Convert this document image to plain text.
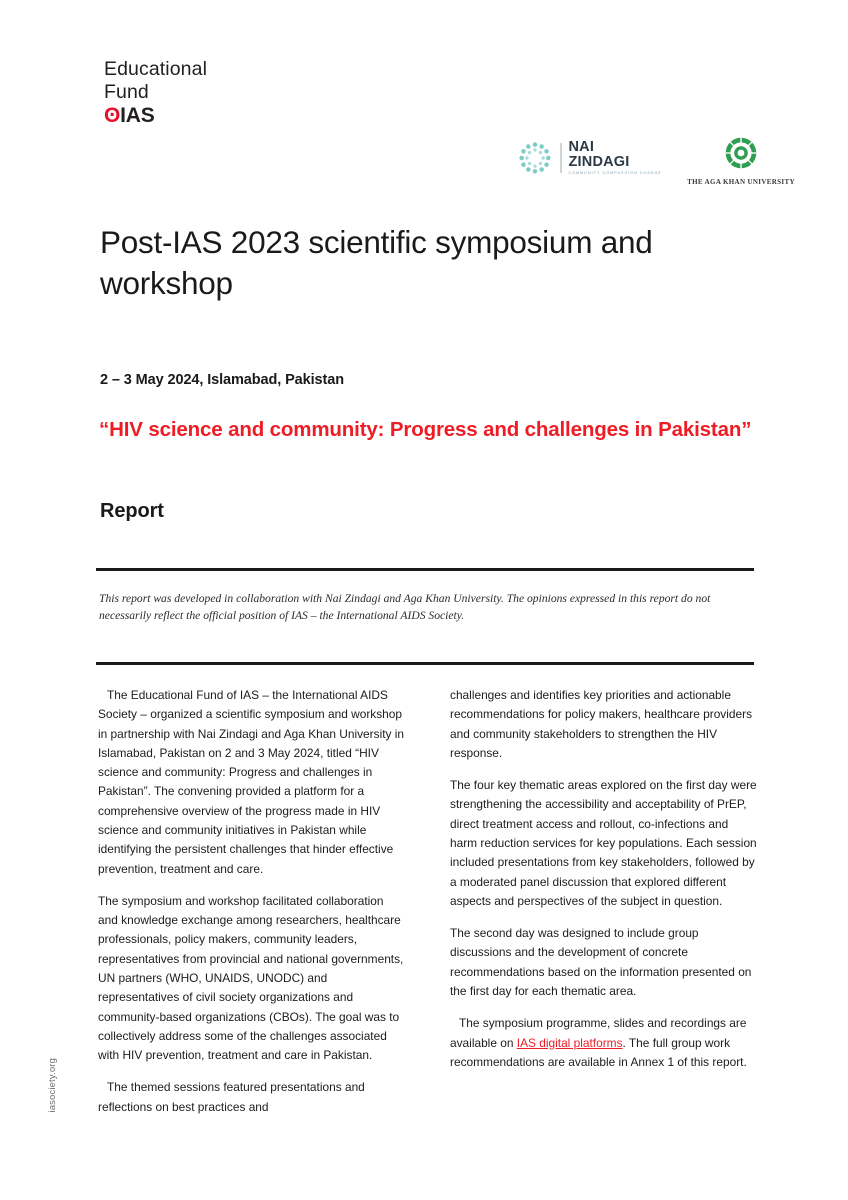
Educational
Fund
ʘIAS
NAI
ZINDAGI
COMMUNITY COMPASSION CHANGE
THE AGA KHAN UNIVERSITY
Post-IAS 2023 scientific symposium and workshop
2 – 3 May 2024, Islamabad, Pakistan
“HIV science and community: Progress and challenges in Pakistan”
Report
This report was developed in collaboration with Nai Zindagi and Aga Khan University. The opinions expressed in this report do not necessarily reflect the official position of IAS – the International AIDS Society.

The Educational Fund of IAS – the International AIDS Society – organized a scientific symposium and workshop in partnership with Nai Zindagi and Aga Khan University in Islamabad, Pakistan on 2 and 3 May 2024, titled “HIV science and community: Progress and challenges in Pakistan”. The convening provided a platform for a comprehensive overview of the progress made in HIV science and community initiatives in Pakistan while identifying the persistent challenges that hinder effective prevention, treatment and care.

The symposium and workshop facilitated collaboration and knowledge exchange among researchers, healthcare professionals, policy makers, community leaders, representatives from provincial and national governments, UN partners (WHO, UNAIDS, UNODC) and representatives of civil society organizations and community-based organizations (CBOs). The goal was to collectively address some of the challenges associated with HIV prevention, treatment and care in Pakistan.

The themed sessions featured presentations and reflections on best practices and

challenges and identifies key priorities and actionable recommendations for policy makers, healthcare providers and community stakeholders to strengthen the HIV response.

The four key thematic areas explored on the first day were strengthening the accessibility and acceptability of PrEP, direct treatment access and rollout, co-infections and harm reduction services for key populations. Each session included presentations from key stakeholders, followed by a moderated panel discussion that explored different aspects and perspectives of the subject in question.

The second day was designed to include group discussions and the development of concrete recommendations based on the information presented on the first day for each thematic area.

The symposium programme, slides and recordings are available on IAS digital platforms. The full group work recommendations are available in Annex 1 of this report.

iasociety.org
